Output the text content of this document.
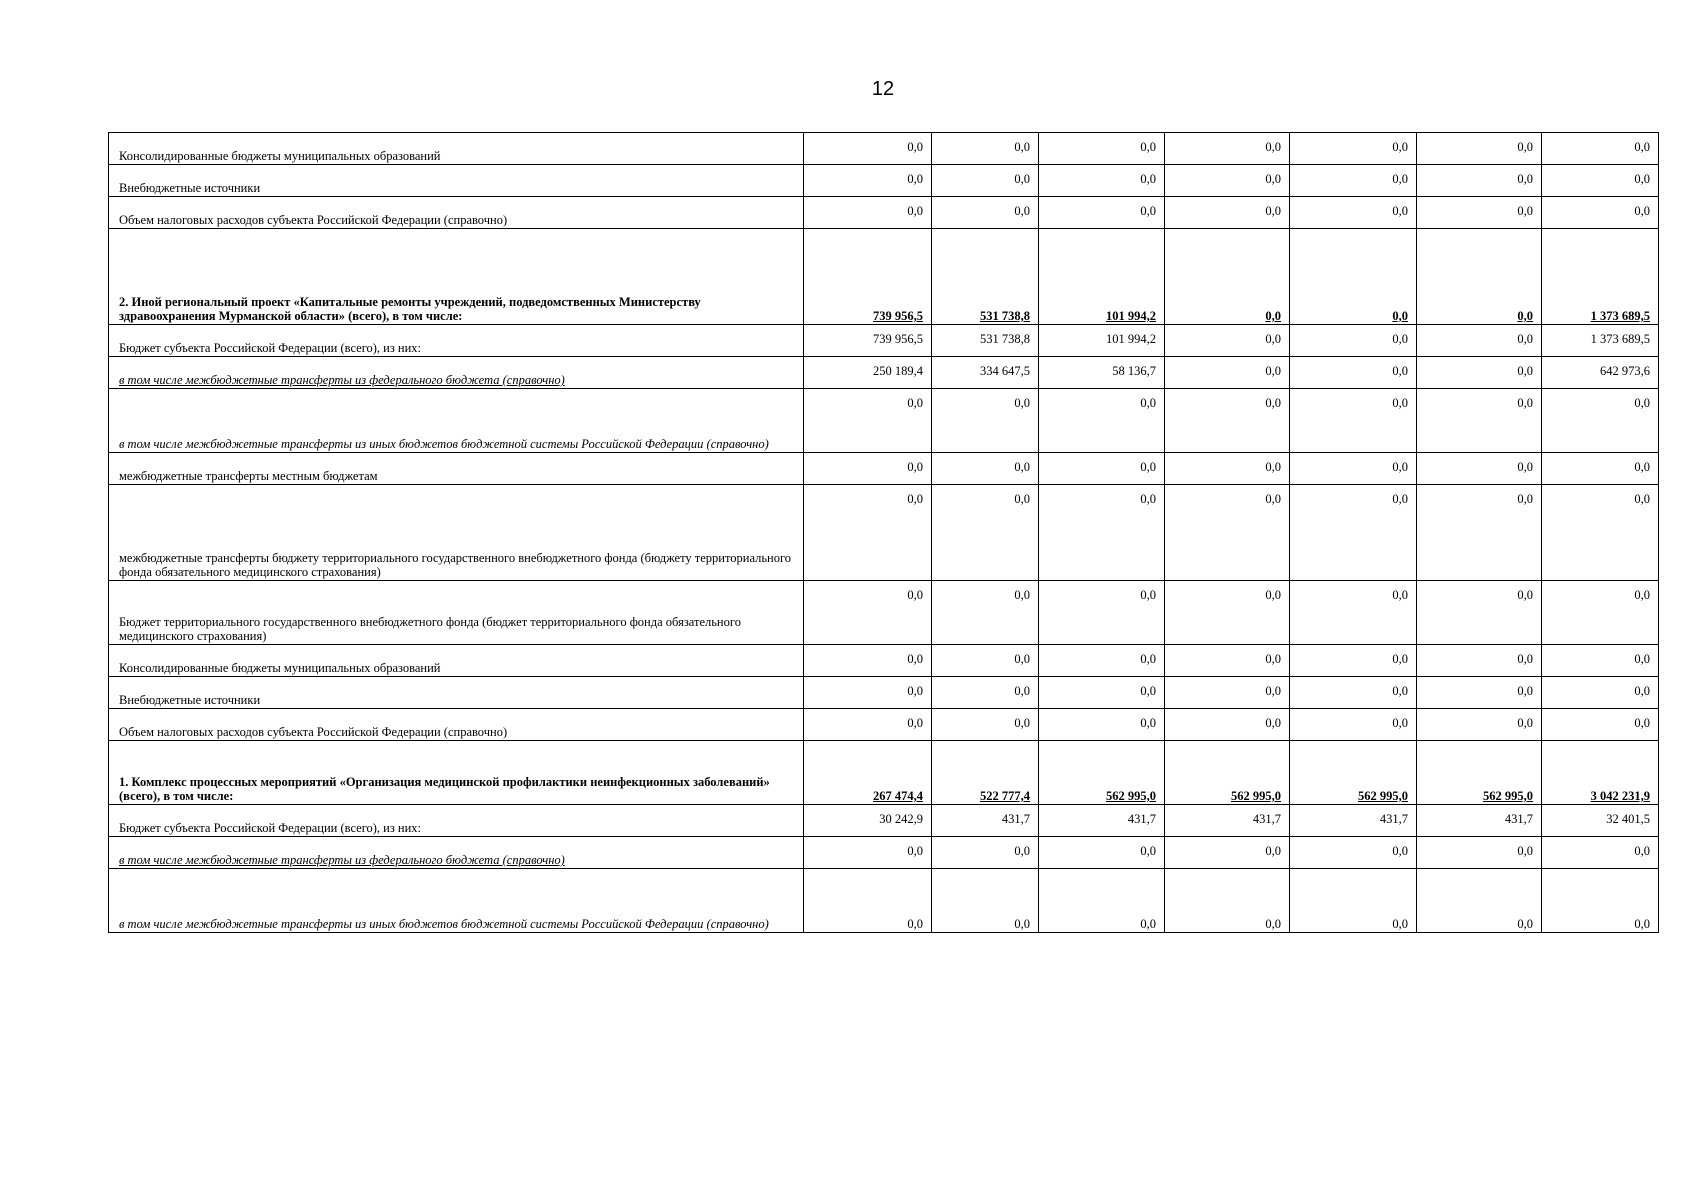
12
Консолидированные бюджеты муниципальных образований	0,0	0,0	0,0	0,0	0,0	0,0	0,0
Внебюджетные источники	0,0	0,0	0,0	0,0	0,0	0,0	0,0
Объем налоговых расходов субъекта Российской Федерации (справочно)	0,0	0,0	0,0	0,0	0,0	0,0	0,0
2. Иной региональный проект «Капитальные ремонты учреждений, подведомственных Министерству здравоохранения Мурманской области» (всего), в том числе:	739 956,5	531 738,8	101 994,2	0,0	0,0	0,0	1 373 689,5
Бюджет субъекта Российской Федерации (всего), из них:	739 956,5	531 738,8	101 994,2	0,0	0,0	0,0	1 373 689,5
в том числе межбюджетные трансферты из федерального бюджета (справочно)	250 189,4	334 647,5	58 136,7	0,0	0,0	0,0	642 973,6
в том числе межбюджетные трансферты из иных бюджетов бюджетной системы Российской Федерации (справочно)	0,0	0,0	0,0	0,0	0,0	0,0	0,0
межбюджетные трансферты местным бюджетам	0,0	0,0	0,0	0,0	0,0	0,0	0,0
межбюджетные трансферты бюджету территориального государственного внебюджетного фонда (бюджету территориального фонда обязательного медицинского страхования)	0,0	0,0	0,0	0,0	0,0	0,0	0,0
Бюджет территориального государственного внебюджетного фонда (бюджет территориального фонда обязательного медицинского страхования)	0,0	0,0	0,0	0,0	0,0	0,0	0,0
Консолидированные бюджеты муниципальных образований	0,0	0,0	0,0	0,0	0,0	0,0	0,0
Внебюджетные источники	0,0	0,0	0,0	0,0	0,0	0,0	0,0
Объем налоговых расходов субъекта Российской Федерации (справочно)	0,0	0,0	0,0	0,0	0,0	0,0	0,0
1. Комплекс процессных мероприятий «Организация медицинской профилактики неинфекционных заболеваний» (всего), в том числе:	267 474,4	522 777,4	562 995,0	562 995,0	562 995,0	562 995,0	3 042 231,9
Бюджет субъекта Российской Федерации (всего), из них:	30 242,9	431,7	431,7	431,7	431,7	431,7	32 401,5
в том числе межбюджетные трансферты из федерального бюджета (справочно)	0,0	0,0	0,0	0,0	0,0	0,0	0,0
в том числе межбюджетные трансферты из иных бюджетов бюджетной системы Российской Федерации (справочно)	0,0	0,0	0,0	0,0	0,0	0,0	0,0
